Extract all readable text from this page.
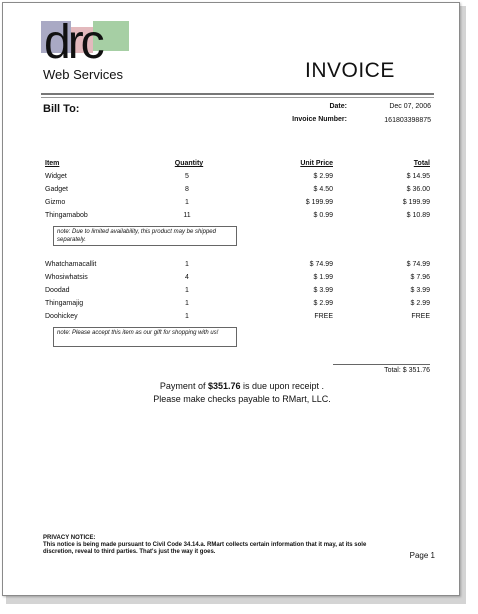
drc
Web Services	INVOICE
Bill To:	Date:	Dec 07, 2006
Invoice Number:	161803398875
Item	Quantity	Unit Price	Total
Widget	5	$ 2.99	$ 14.95
Gadget	8	$ 4.50	$ 36.00
Gizmo	1	$ 199.99	$ 199.99
Thingamabob	11	$ 0.99	$ 10.89
note: Due to limited availability, this product may be shipped separately.
Whatchamacallit	1	$ 74.99	$ 74.99
Whosiwhatsis	4	$ 1.99	$ 7.96
Doodad	1	$ 3.99	$ 3.99
Thingamajig	1	$ 2.99	$ 2.99
Doohickey	1	FREE	FREE
note: Please accept this item as our gift for shopping with us!
Total: $ 351.76
Payment of $351.76 is due upon receipt .
Please make checks payable to RMart, LLC.
PRIVACY NOTICE:
This notice is being made pursuant to Civil Code 34.14.a. RMart collects certain information that it may, at its sole discretion, reveal to third parties. That's just the way it goes.	Page 1
